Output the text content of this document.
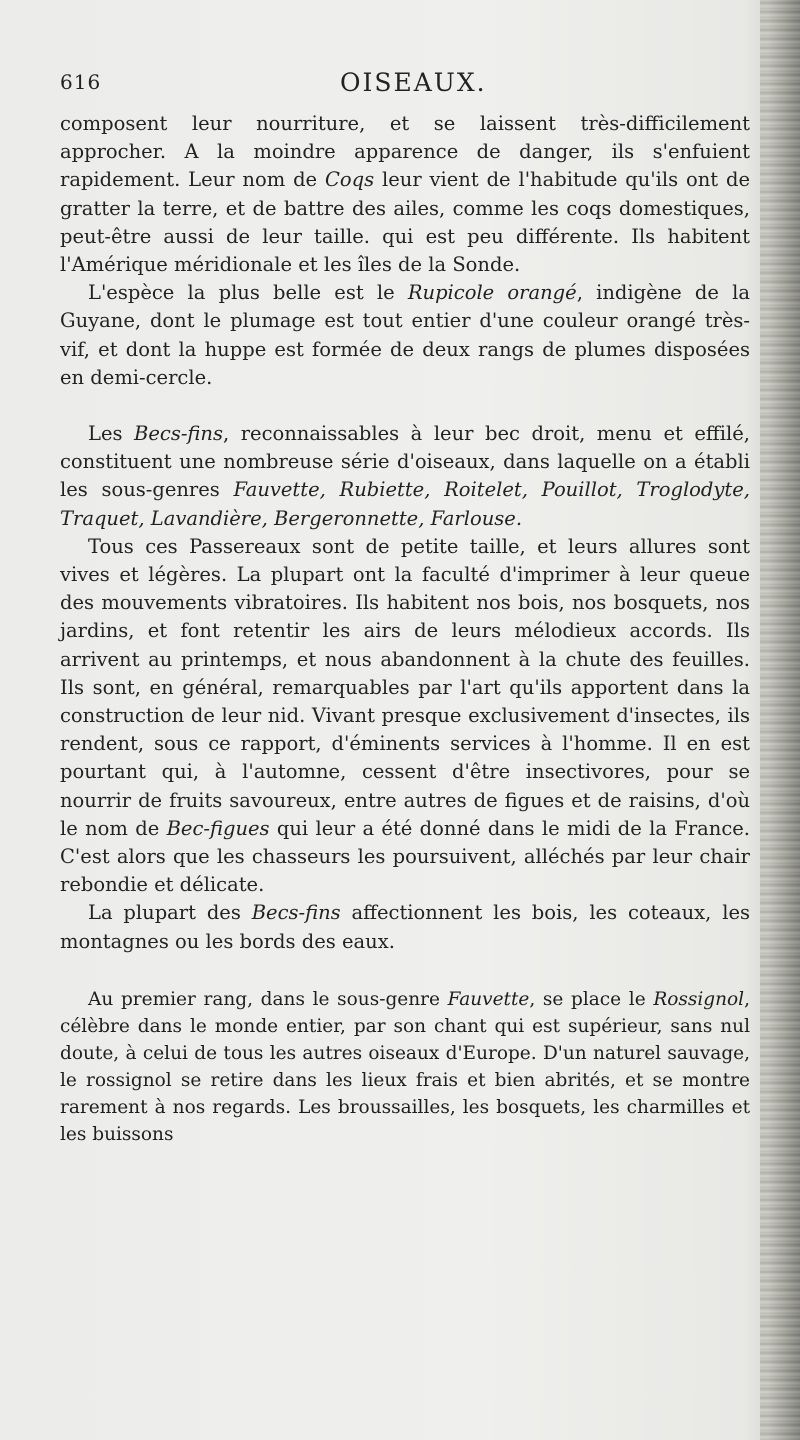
616	OISEAUX.

composent leur nourriture, et se laissent très-difficilement approcher. A la moindre apparence de danger, ils s'enfuient rapidement. Leur nom de Coqs leur vient de l'habitude qu'ils ont de gratter la terre, et de battre des ailes, comme les coqs domestiques, peut-être aussi de leur taille. qui est peu différente. Ils habitent l'Amérique méridionale et les îles de la Sonde.

L'espèce la plus belle est le Rupicole orangé, indigène de la Guyane, dont le plumage est tout entier d'une couleur orangé très-vif, et dont la huppe est formée de deux rangs de plumes disposées en demi-cercle.

Les Becs-fins, reconnaissables à leur bec droit, menu et effilé, constituent une nombreuse série d'oiseaux, dans laquelle on a établi les sous-genres Fauvette, Rubiette, Roitelet, Pouillot, Troglodyte, Traquet, Lavandière, Bergeronnette, Farlouse.

Tous ces Passereaux sont de petite taille, et leurs allures sont vives et légères. La plupart ont la faculté d'imprimer à leur queue des mouvements vibratoires. Ils habitent nos bois, nos bosquets, nos jardins, et font retentir les airs de leurs mélodieux accords. Ils arrivent au printemps, et nous abandonnent à la chute des feuilles. Ils sont, en général, remarquables par l'art qu'ils apportent dans la construction de leur nid. Vivant presque exclusivement d'insectes, ils rendent, sous ce rapport, d'éminents services à l'homme. Il en est pourtant qui, à l'automne, cessent d'être insectivores, pour se nourrir de fruits savoureux, entre autres de figues et de raisins, d'où le nom de Bec-figues qui leur a été donné dans le midi de la France. C'est alors que les chasseurs les poursuivent, alléchés par leur chair rebondie et délicate.

La plupart des Becs-fins affectionnent les bois, les coteaux, les montagnes ou les bords des eaux.

Au premier rang, dans le sous-genre Fauvette, se place le Rossignol, célèbre dans le monde entier, par son chant qui est supérieur, sans nul doute, à celui de tous les autres oiseaux d'Europe. D'un naturel sauvage, le rossignol se retire dans les lieux frais et bien abrités, et se montre rarement à nos regards. Les broussailles, les bosquets, les charmilles et les buissons
